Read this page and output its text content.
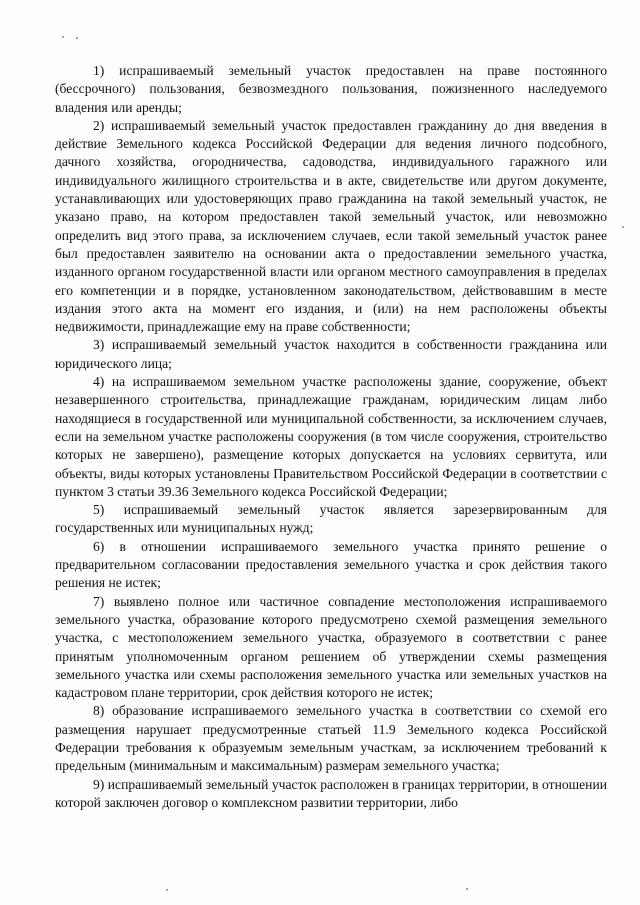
1) испрашиваемый земельный участок предоставлен на праве постоянного (бессрочного) пользования, безвозмездного пользования, пожизненного наследуемого владения или аренды;

2) испрашиваемый земельный участок предоставлен гражданину до дня введения в действие Земельного кодекса Российской Федерации для ведения личного подсобного, дачного хозяйства, огородничества, садоводства, индивидуального гаражного или индивидуального жилищного строительства и в акте, свидетельстве или другом документе, устанавливающих или удостоверяющих право гражданина на такой земельный участок, не указано право, на котором предоставлен такой земельный участок, или невозможно определить вид этого права, за исключением случаев, если такой земельный участок ранее был предоставлен заявителю на основании акта о предоставлении земельного участка, изданного органом государственной власти или органом местного самоуправления в пределах его компетенции и в порядке, установленном законодательством, действовавшим в месте издания этого акта на момент его издания, и (или) на нем расположены объекты недвижимости, принадлежащие ему на праве собственности;

3) испрашиваемый земельный участок находится в собственности гражданина или юридического лица;

4) на испрашиваемом земельном участке расположены здание, сооружение, объект незавершенного строительства, принадлежащие гражданам, юридическим лицам либо находящиеся в государственной или муниципальной собственности, за исключением случаев, если на земельном участке расположены сооружения (в том числе сооружения, строительство которых не завершено), размещение которых допускается на условиях сервитута, или объекты, виды которых установлены Правительством Российской Федерации в соответствии с пунктом 3 статьи 39.36 Земельного кодекса Российской Федерации;

5) испрашиваемый земельный участок является зарезервированным для государственных или муниципальных нужд;

6) в отношении испрашиваемого земельного участка принято решение о предварительном согласовании предоставления земельного участка и срок действия такого решения не истек;

7) выявлено полное или частичное совпадение местоположения испрашиваемого земельного участка, образование которого предусмотрено схемой размещения земельного участка, с местоположением земельного участка, образуемого в соответствии с ранее принятым уполномоченным органом решением об утверждении схемы размещения земельного участка или схемы расположения земельного участка или земельных участков на кадастровом плане территории, срок действия которого не истек;

8) образование испрашиваемого земельного участка в соответствии со схемой его размещения нарушает предусмотренные статьей 11.9 Земельного кодекса Российской Федерации требования к образуемым земельным участкам, за исключением требований к предельным (минимальным и максимальным) размерам земельного участка;

9) испрашиваемый земельный участок расположен в границах территории, в отношении которой заключен договор о комплексном развитии территории, либо
